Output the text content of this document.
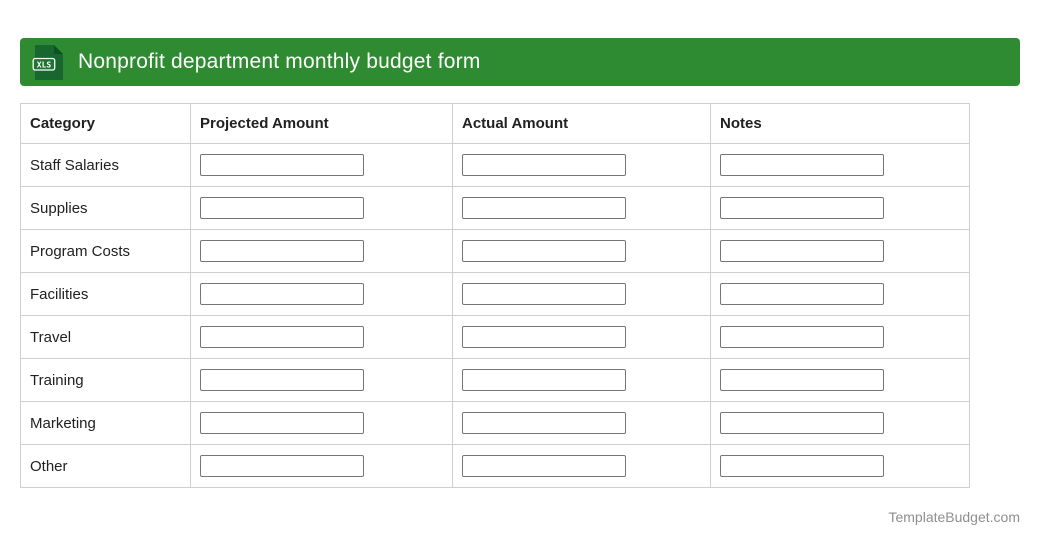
XLS Nonprofit department monthly budget form
Category	Projected Amount	Actual Amount	Notes
Staff Salaries	

Supplies	

Program Costs	

Facilities	

Travel	

Training	

Marketing	

Other	

TemplateBudget.com
